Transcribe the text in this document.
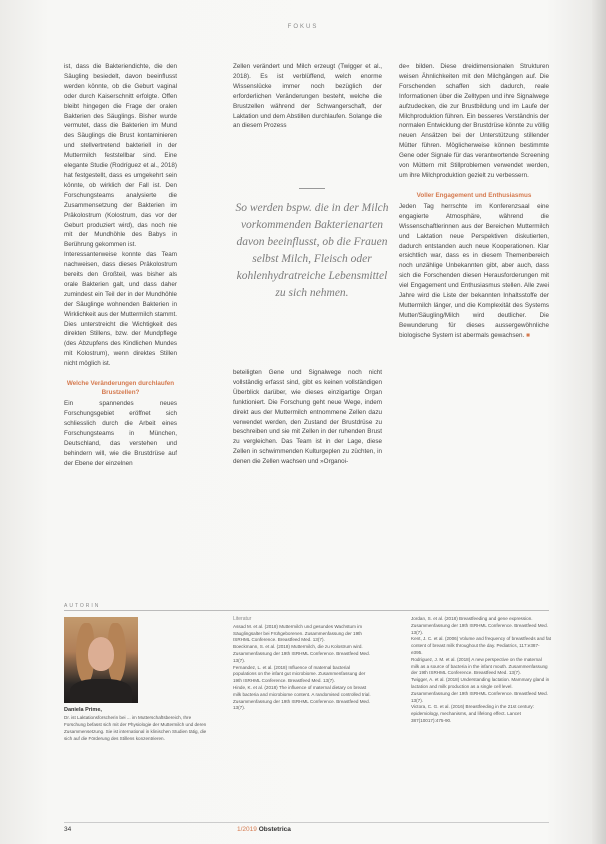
FOKUS

ist, dass die Bakteriendichte, die den Säugling besiedelt, davon beeinflusst werden könnte, ob die Geburt vaginal oder durch Kaiserschnitt erfolgte. Offen bleibt hingegen die Frage der oralen Bakterien des Säuglings. Bisher wurde vermutet, dass die Bakterien im Mund des Säuglings die Brust kontaminieren und stellvertretend bakteriell in der Muttermilch feststellbar sind. Eine elegante Studie (Rodríguez et al., 2018) hat festgestellt, dass es umgekehrt sein könnte, ob wirklich der Fall ist. Den Forschungsteams analysierte die Zusammensetzung der Bakterien im Präkolostrum (Kolostrum, das vor der Geburt produziert wird), das noch nie mit der Mundhöhle des Babys in Berührung gekommen ist.

Interessanterweise konnte das Team nachweisen, dass dieses Präkolostrum bereits den Großteil, was bisher als orale Bakterien galt, und dass daher zumindest ein Teil der in der Mundhöhle der Säuglinge wohnenden Bakterien in Wirklichkeit aus der Muttermilch stammt. Dies unterstreicht die Wichtigkeit des direkten Stillens, bzw. der Mundpflege (des Abzupfens des Kindlichen Mundes mit Kolostrum), wenn direktes Stillen nicht möglich ist.

Welche Veränderungen durchlaufen Brustzellen?

Ein spannendes neues Forschungsgebiet eröffnet sich schliesslich durch die Arbeit eines Forschungsteams in München, Deutschland, das verstehen und behindern will, wie die Brustdrüse auf der Ebene der einzelnen

Zellen verändert und Milch erzeugt (Twigger et al., 2018). Es ist verblüffend, welch enorme Wissenslücke immer noch bezüglich der erforderlichen Veränderungen besteht, welche die Brustzellen während der Schwangerschaft, der Laktation und dem Abstillen durchlaufen. Solange die an diesem Prozess

So werden bspw. die in der Milch vorkommenden Bakterienarten davon beeinflusst, ob die Frauen selbst Milch, Fleisch oder kohlenhydratreiche Lebensmittel zu sich nehmen.

beteiligten Gene und Signalwege noch nicht vollständig erfasst sind, gibt es keinen vollständigen Überblick darüber, wie dieses einzigartige Organ funktioniert. Die Forschung geht neue Wege, indem direkt aus der Muttermilch entnommene Zellen dazu verwendet werden, den Zustand der Brustdrüse zu beschreiben und sie mit Zellen in der ruhenden Brust zu vergleichen. Das Team ist in der Lage, diese Zellen in schwimmenden Kulturgeplen zu züchten, in denen die Zellen wachsen und »Organoi-

de« bilden. Diese dreidimensionalen Strukturen weisen Ähnlichkeiten mit den Milchgängen auf. Die Forschenden schaffen sich dadurch, reale Informationen über die Zelltypen und ihre Signalwege aufzudecken, die zur Brustbildung und im Laufe der Milchproduktion führen. Ein besseres Verständnis der normalen Entwicklung der Brustdrüse könnte zu völlig neuen Ansätzen bei der Unterstützung stillender Mütter führen. Möglicherweise können bestimmte Gene oder Signale für das verantwortende Screening von Müttern mit Stillproblemen verwendet werden, um ihre Milchproduktion gezielt zu verbessern.

Voller Engagement und Enthusiasmus

Jeden Tag herrschte im Konferenzsaal eine engagierte Atmosphäre, während die Wissenschaftlerinnen aus der Bereichen Muttermilch und Laktation neue Perspektiven diskutierten, dadurch entstanden auch neue Kooperationen. Klar ersichtlich war, dass es in diesem Themenbereich noch unzählige Unbekannten gibt, aber auch, dass sich die Forschenden diesen Herausforderungen mit viel Engagement und Enthusiasmus stellen. Alle zwei Jahre wird die Liste der bekannten Inhaltsstoffe der Muttermilch länger, und die Komplexität des Systems Mutter/Säugling/Milch wird deutlicher. Die Bewunderung für dieses aussergewöhnliche biologische System ist abermals gewachsen. ■

AUTORIN
Daniela Prime,
Dr. ist Laktationsforscherin bei ... im Mutterschaftsbereich, Ihre Forschung befasst sich mit der Physiologie der Muttermilch und deren Zusammensetzung. Sie ist international in klinischen Studien tätig, die sich auf die Förderung des Stillens konzentrieren.
Literatur

Assad M. et al. (2018) Muttermilch und gesundes Wachstum im Säuglingsalter bei Frühgeborenen. Zusammenfassung der 19th ISRHML Conference. Breastfeed Med. 13(7).

Boeckmann, S. et al. (2018) Muttermilch, die zu Kolostrum wird. Zusammenfassung der 19th ISRHML Conference. Breastfeed Med. 13(7).

Fernandez, L. et al. (2018) Influence of maternal bacterial populations on the infant gut microbiome. Zusammenfassung der 19th ISRHML Conference. Breastfeed Med. 13(7).

Hinde, K. et al. (2018) The influence of maternal dietary on breast milk bacteria and microbiome content. A randomised controlled trial. Zusammenfassung der 19th ISRHML Conference. Breastfeed Med. 13(7).

Jordan, S. et al. (2018) Breastfeeding and gene expression. Zusammenfassung der 19th ISRHML Conference. Breastfeed Med. 13(7).

Kent, J. C. et al. (2006) Volume and frequency of breastfeeds and fat content of breast milk throughout the day. Pediatrics, 117:e387-e395.

Rodriguez, J. M. et al. (2018) A new perspective on the maternal milk as a source of bacteria in the infant mouth. Zusammenfassung der 19th ISRHML Conference. Breastfeed Med. 13(7).

Twigger, A. et al. (2018) Understanding lactation. Mammary gland in lactation and milk production as a single cell level. Zusammenfassung der 19th ISRHML Conference. Breastfeed Med. 13(7).

Victora, C. G. et al. (2016) Breastfeeding in the 21st century: epidemiology, mechanisms, and lifelong effect. Lancet 387(10017):475-90.

34	1/2019 Obstetrica
